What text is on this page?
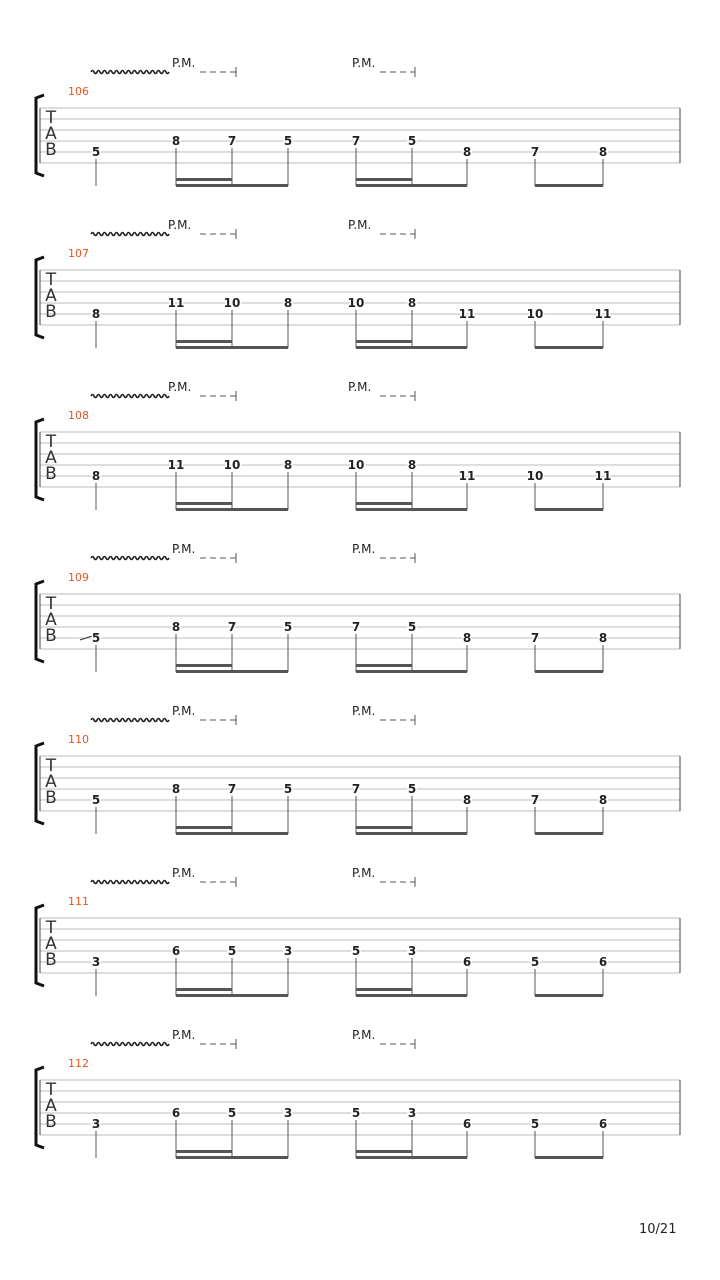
T
A
B	5
8	7	5	7	5
8	7	8
P.M.	P.M.
106
T
A
B	8
11	10	8	10	8
11	10	11
P.M.	P.M.
107
T
A
B	8
11	10	8	10	8
11	10	11
P.M.	P.M.
108
T
A
B	5
8	7	5	7	5
8	7	8
P.M.	P.M.
109
T
A
B	5
8	7	5	7	5
8	7	8
P.M.	P.M.
110
T
A
B	3
6	5	3	5	3
6	5	6
P.M.	P.M.
111
T
A
B	3
6	5	3	5	3
6	5	6
P.M.	P.M.
112
10/21
